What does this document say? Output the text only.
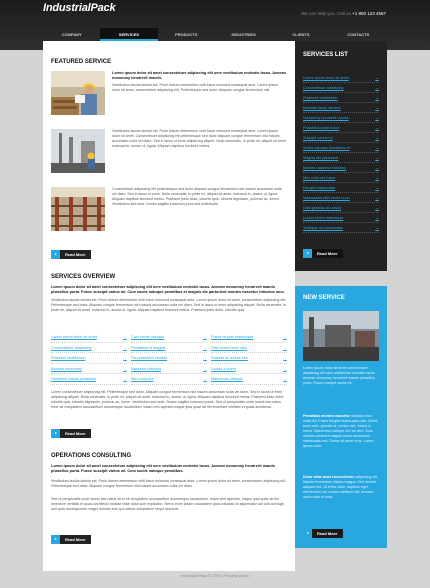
IndustrialPack	We can help you. Call us +1 800 123 4567
COMPANY	SERVICES	PRODUCTS	INDUSTRIES	CLIENTS	CONTACTS
FEATURED SERVICE
Lorem ipsum dolor sit amet consectetuer adipiscing elit uere vestibulum molestie lacus. Aenean nonummy hendrerit mauris.
Vestibulum iaculis lacinia est. Proin dictum elementum velit fusce euismod consequat ante. Lorem ipsum dolor sit amet, consectetuer adipiscing elit. Pellentesque sed dolor. Aliquam congue fermentum nisl.
Vestibulum iaculis lacinia est. Proin dictum elementum velit fusce euismod consequat ante. Lorem ipsum dolor sit amet. Consectetuer adipiscing elit pellentesque sed dolor aliquam congue fermentum nisl mauris accumsan nulla vel diam. Sed in lacus ut enim adipiscing aliquet. Nulla venenatis. In pede mi, aliquet sit amet, euismod in, auctor ut, ligula. Aliquam dapibus tincidunt metus.
Consectetuer adipiscing elit pellentesque sed dolor aliquam congue fermentum nisl mauris accumsan nulla vel diam. Sed in lacus ut enim. Nulla venenatis. In pede mi, aliquet sit amet, euismod in, auctor ut, ligula. Aliquam dapibus tincidunt metus. Praesent justo dolor, lobortis quis, lobortis dignissim, pulvinar ac, lorem. Vestibulum sed ante. Donec sagittis euismod purus sed sollicitudin.
Read More
SERVICES OVERVIEW
Lorem ipsum dolor sit amet consectetuer adipiscing elit uere vestibulum molestie lacus. Aenean nonummy hendrerit mauris phasellus porta. Fusce suscipit varius mi. Cum sociis natoque penatibus et magnis dis parturient montes nascetur ridiculus mus.
Vestibulum iaculis lacinia est. Proin dictum elementum velit fusce euismod consequat ante. Lorem ipsum dolor sit amet, consectetuer adipiscing elit. Pellentesque sed dolor. Aliquam congue fermentum nisl mauris accumsan nulla vel diam. Sed in lacus ut enim adipiscing aliquet. Nulla venenatis. In pede mi, aliquet sit amet, euismod in, auctor ut, ligula. Aliquam dapibus tincidunt metus. Praesent justo dolor, lobortis quis.
Lorem ipsum dolor sit amet	→
Consectetuer adipiscing	→
Praesent vestibulum	→
Aenean nonummy	→
Hendrerit mauris phasellus	→
Cum sociis natoque	→
Penatibus et magnis	→
Dis parturient montes	→
Nascetur ridiculus	→
Mus nulla dui	→
Fusce feugiat malesuada	→
Odio morbi nunc odio	→
Gravida at cursus nec	→
Luctus a lorem	→
Maecenas tristique	→
Lorem consectetuer adipiscing elit. Pellentesque sed dolor. Aliquam congue fermentum nisl mauris accumsan nulla vel diam. Sed in lacus ut enim adipiscing aliquet. Nulla venenatis. In pede mi, aliquet sit amet, euismod in, auctor ut, ligula. Aliquam dapibus tincidunt metus. Praesent justo dolor, lobortis quis, lobortis dignissim, pulvinar ac, lorem. Vestibulum sed ante. Donec sagittis euismod purus. Sed ut perspiciatis unde omnis iste natus error sit voluptatem accusantium doloremque laudantium, totam rem aperiam eaque ipsa quae ab illo inventore veritatis et quasi architecto.
Read More
OPERATIONS CONSULTING
Lorem ipsum dolor sit amet consectetuer adipiscing elit uere vestibulum molestie lacus. Aenean nonummy hendrerit mauris phasellus porta. Fusce suscipit varius mi. Cum sociis natoque penatibus.
Vestibulum iaculis lacinia est. Proin dictum elementum velit fusce euismod consequat ante. Lorem ipsum dolor sit amet, consectetuer adipiscing elit. Pellentesque sed dolor. Aliquam congue fermentum nisl mauris accumsan nulla vel diam.
Sed ut perspiciatis unde omnis iste natus error sit voluptatem accusantium doloremque laudantium, totam rem aperiam, eaque ipsa quae ab illo inventore veritatis et quasi architecto beatae vitae dicta sunt explicabo. Nemo enim ipsam voluptatem quia voluptas sit aspernatur aut odit aut fugit, sed quia consequuntur magni dolores eos qui ratione voluptatem sequi nesciunt.
Read More
SERVICES LIST
Lorem ipsum dolor sit amet	→
Consectetuer adipiscing	→
Praesent vestibulum	→
Molestie lacus aenean	→
Nonummy hendrerit mauris	→
Phasellus porta fusce	→
Suscipit varius mi	→
Sociis natoque penatibus et	→
Magnis dis parturient	→
Montes nascetur ridiculus	→
Mus nulla dui fusce	→
Feugiat malesuada	→
Malesuada odio morbi nunc	→
Odio gravida at cursus	→
Luctus lorem maecenas	→
Tristique orci accumsan	→
Read More
NEW SERVICE
Lorem ipsum dolor sit amet consectetuer adipiscing elit uere vestibulum molestie lacus aenean nonummy hendrerit mauris phasellus porta. Fusce suscipit varius mi.
Penatibus montes nascetur ridiculus mus nulla dui. Fusce feugiat malesuada odio. Morbi nunc odio, gravida at, cursus nec, luctus a, lorem. Maecenas tristique orci ac sem. Duis ultricies pharetra magna donec accumsan malesuada orci. Donec sit amet eros. Lorem ipsum dolor.
Dolor vitae amet consectetuer adipiscing elit. Mauris fermentum dictum magna. Sed laoreet aliquam leo. Ut tellus dolor, dapibus eget, elementum vel, cursus eleifend, elit. Aenean auctor wisi et urna.
Read More
Industrial Pack © 2010 | Privacy policy
